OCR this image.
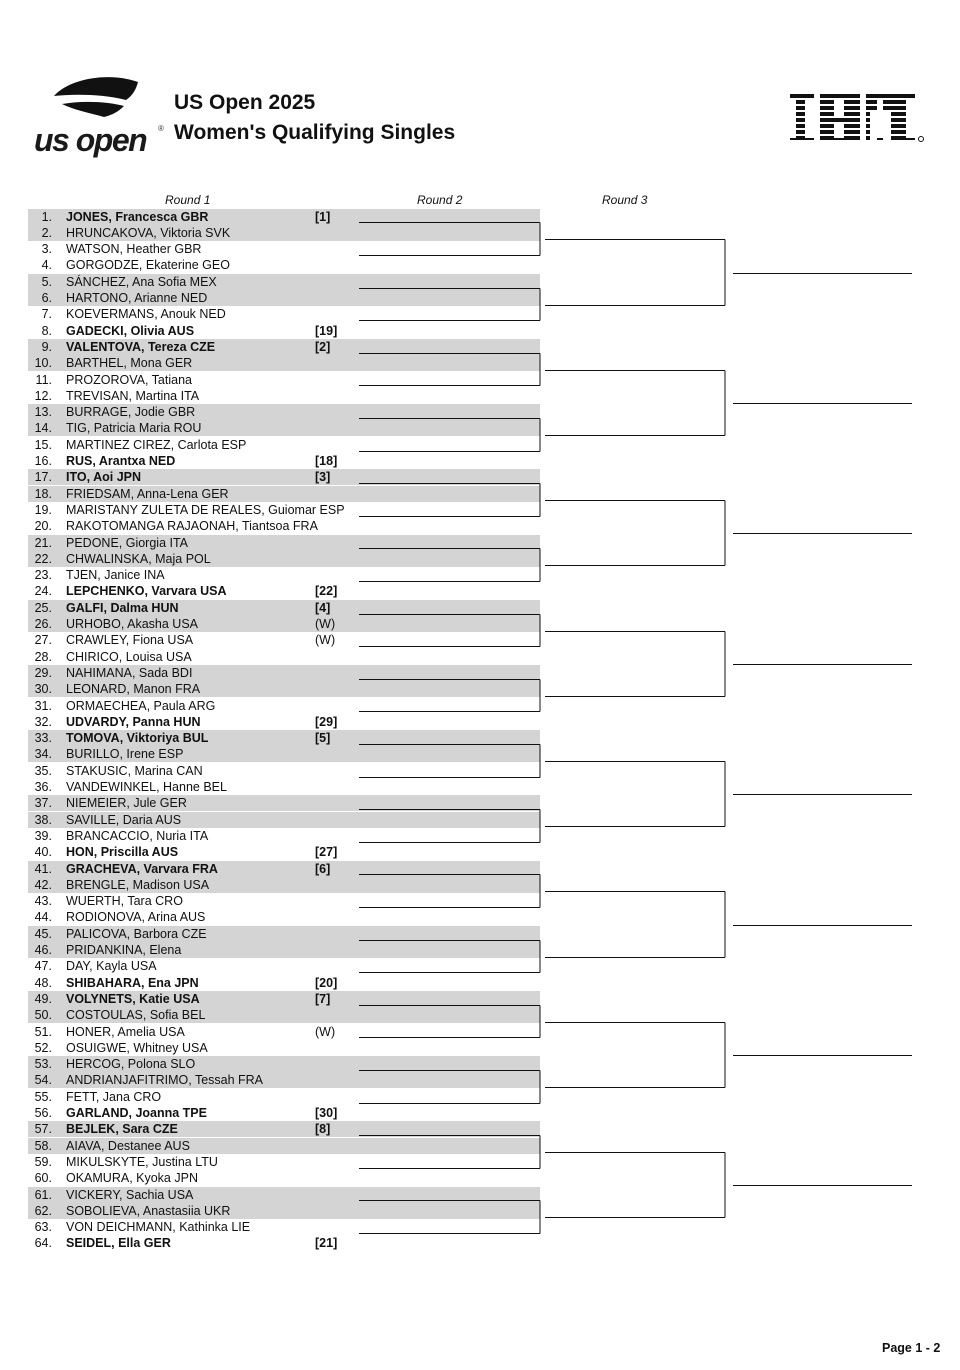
us open ®
US Open 2025
Women's Qualifying Singles
Round 1	Round 2	Round 3
1. JONES, Francesca GBR	[1]
2. HRUNCAKOVA, Viktoria SVK
3. WATSON, Heather GBR
4. GORGODZE, Ekaterine GEO
5. SÁNCHEZ, Ana Sofia MEX
6. HARTONO, Arianne NED
7. KOEVERMANS, Anouk NED
8. GADECKI, Olivia AUS	[19]
9. VALENTOVA, Tereza CZE	[2]
10. BARTHEL, Mona GER
11. PROZOROVA, Tatiana
12. TREVISAN, Martina ITA
13. BURRAGE, Jodie GBR
14. TIG, Patricia Maria ROU
15. MARTINEZ CIREZ, Carlota ESP
16. RUS, Arantxa NED	[18]
17. ITO, Aoi JPN	[3]
18. FRIEDSAM, Anna-Lena GER
19. MARISTANY ZULETA DE REALES, Guiomar ESP
20. RAKOTOMANGA RAJAONAH, Tiantsoa FRA
21. PEDONE, Giorgia ITA
22. CHWALINSKA, Maja POL
23. TJEN, Janice INA
24. LEPCHENKO, Varvara USA	[22]
25. GALFI, Dalma HUN	[4]
26. URHOBO, Akasha USA	(W)
27. CRAWLEY, Fiona USA	(W)
28. CHIRICO, Louisa USA
29. NAHIMANA, Sada BDI
30. LEONARD, Manon FRA
31. ORMAECHEA, Paula ARG
32. UDVARDY, Panna HUN	[29]
33. TOMOVA, Viktoriya BUL	[5]
34. BURILLO, Irene ESP
35. STAKUSIC, Marina CAN
36. VANDEWINKEL, Hanne BEL
37. NIEMEIER, Jule GER
38. SAVILLE, Daria AUS
39. BRANCACCIO, Nuria ITA
40. HON, Priscilla AUS	[27]
41. GRACHEVA, Varvara FRA	[6]
42. BRENGLE, Madison USA
43. WUERTH, Tara CRO
44. RODIONOVA, Arina AUS
45. PALICOVA, Barbora CZE
46. PRIDANKINA, Elena
47. DAY, Kayla USA
48. SHIBAHARA, Ena JPN	[20]
49. VOLYNETS, Katie USA	[7]
50. COSTOULAS, Sofia BEL
51. HONER, Amelia USA	(W)
52. OSUIGWE, Whitney USA
53. HERCOG, Polona SLO
54. ANDRIANJAFITRIMO, Tessah FRA
55. FETT, Jana CRO
56. GARLAND, Joanna TPE	[30]
57. BEJLEK, Sara CZE	[8]
58. AIAVA, Destanee AUS
59. MIKULSKYTE, Justina LTU
60. OKAMURA, Kyoka JPN
61. VICKERY, Sachia USA
62. SOBOLIEVA, Anastasiia UKR
63. VON DEICHMANN, Kathinka LIE
64. SEIDEL, Ella GER	[21]
Page 1 - 2
